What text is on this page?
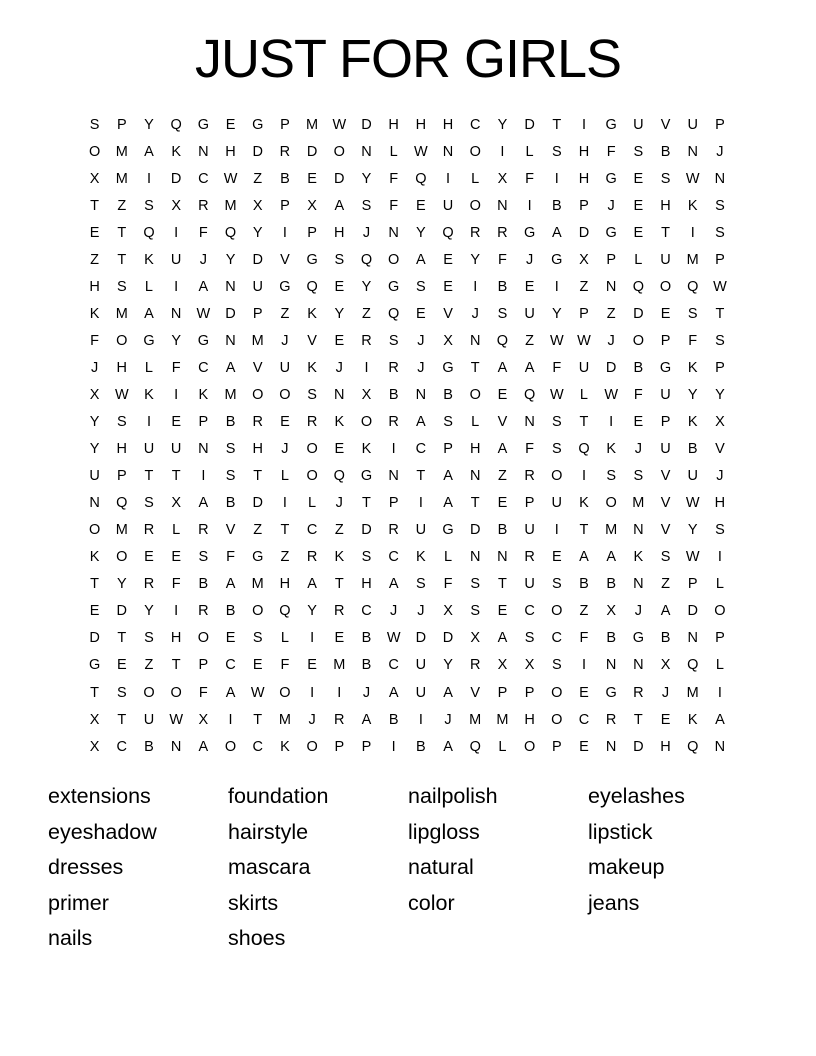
JUST FOR GIRLS
S	P	Y	Q	G	E	G	P	M W	D	H	H	H	C	Y	D	T	I	G	U	V	U	P
O	M	A	K	N	H	D	R	D	O	N	L	W	N	O	I	L	S	H	F	S	B	N	J
X	M	I	D	C	W	Z	B	E	D	Y	F	Q	I	L	X	F	I	H	G	E	S	W	N
T	Z	S	X	R	M	X	P	X	A	S	F	E	U	O	N	I	B	P	J	E	H	K	S
E	T	Q	I	F	Q	Y	I	P	H	J	N	Y	Q	R	R	G	A	D	G	E	T	I	S
Z	T	K	U	J	Y	D	V	G	S	Q	O	A	E	Y	F	J	G	X	P	L	U	M	P
H	S	L	I	A	N	U	G	Q	E	Y	G	S	E	I	B	E	I	Z	N	Q	O	Q	W
K	M	A	N	W	D	P	Z	K	Y	Z	Q	E	V	J	S	U	Y	P	Z	D	E	S	T
F	O	G	Y	G	N	M	J	V	E	R	S	J	X	N	Q	Z	W W	J	O	P	F	S
J	H	L	F	C	A	V	U	K	J	I	R	J	G	T	A	A	F	U	D	B	G	K	P
X	W	K	I	K	M	O	O	S	N	X	B	N	B	O	E	Q	W	L	W	F	U	Y	Y
Y	S	I	E	P	B	R	E	R	K	O	R	A	S	L	V	N	S	T	I	E	P	K	X
Y	H	U	U	N	S	H	J	O	E	K	I	C	P	H	A	F	S	Q	K	J	U	B	V
U	P	T	T	I	S	T	L	O	Q	G	N	T	A	N	Z	R	O	I	S	S	V	U	J
N	Q	S	X	A	B	D	I	L	J	T	P	I	A	T	E	P	U	K	O	M	V	W	H
O	M	R	L	R	V	Z	T	C	Z	D	R	U	G	D	B	U	I	T	M	N	V	Y	S
K	O	E	E	S	F	G	Z	R	K	S	C	K	L	N	N	R	E	A	A	K	S	W	I
T	Y	R	F	B	A	M	H	A	T	H	A	S	F	S	T	U	S	B	B	N	Z	P	L
E	D	Y	I	R	B	O	Q	Y	R	C	J	J	X	S	E	C	O	Z	X	J	A	D	O
D	T	S	H	O	E	S	L	I	E	B	W	D	D	X	A	S	C	F	B	G	B	N	P
G	E	Z	T	P	C	E	F	E	M	B	C	U	Y	R	X	X	S	I	N	N	X	Q	L
T	S	O	O	F	A	W	O	I	I	J	A	U	A	V	P	P	O	E	G	R	J	M	I
X	T	U	W	X	I	T	M	J	R	A	B	I	J	M	M	H	O	C	R	T	E	K	A
X	C	B	N	A	O	C	K	O	P	P	I	B	A	Q	L	O	P	E	N	D	H	Q	N
extensions
eyeshadow
dresses
primer
nails
foundation
hairstyle
mascara
skirts
shoes
nailpolish
lipgloss
natural
color
eyelashes
lipstick
makeup
jeans
